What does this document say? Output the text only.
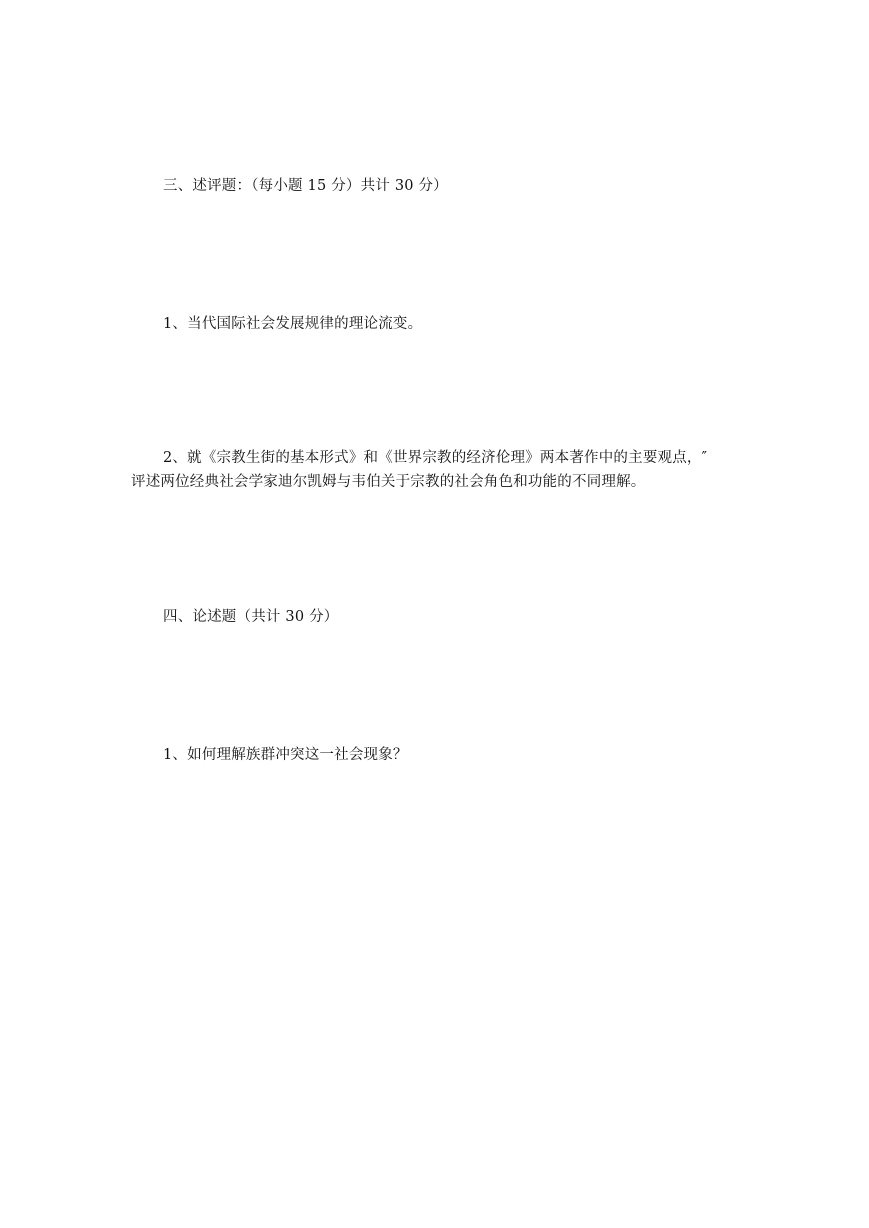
三、述评题：（每小题 15 分）共计 30 分）
1、当代国际社会发展规律的理论流变。
2、就《宗教生街的基本形式》和《世界宗教的经济伦理》两本著作中的主要观点，″
评述两位经典社会学家迪尔凯姆与韦伯关于宗教的社会角色和功能的不同理解。
四、论述题（共计 30 分）
1、如何理解族群冲突这一社会现象？
